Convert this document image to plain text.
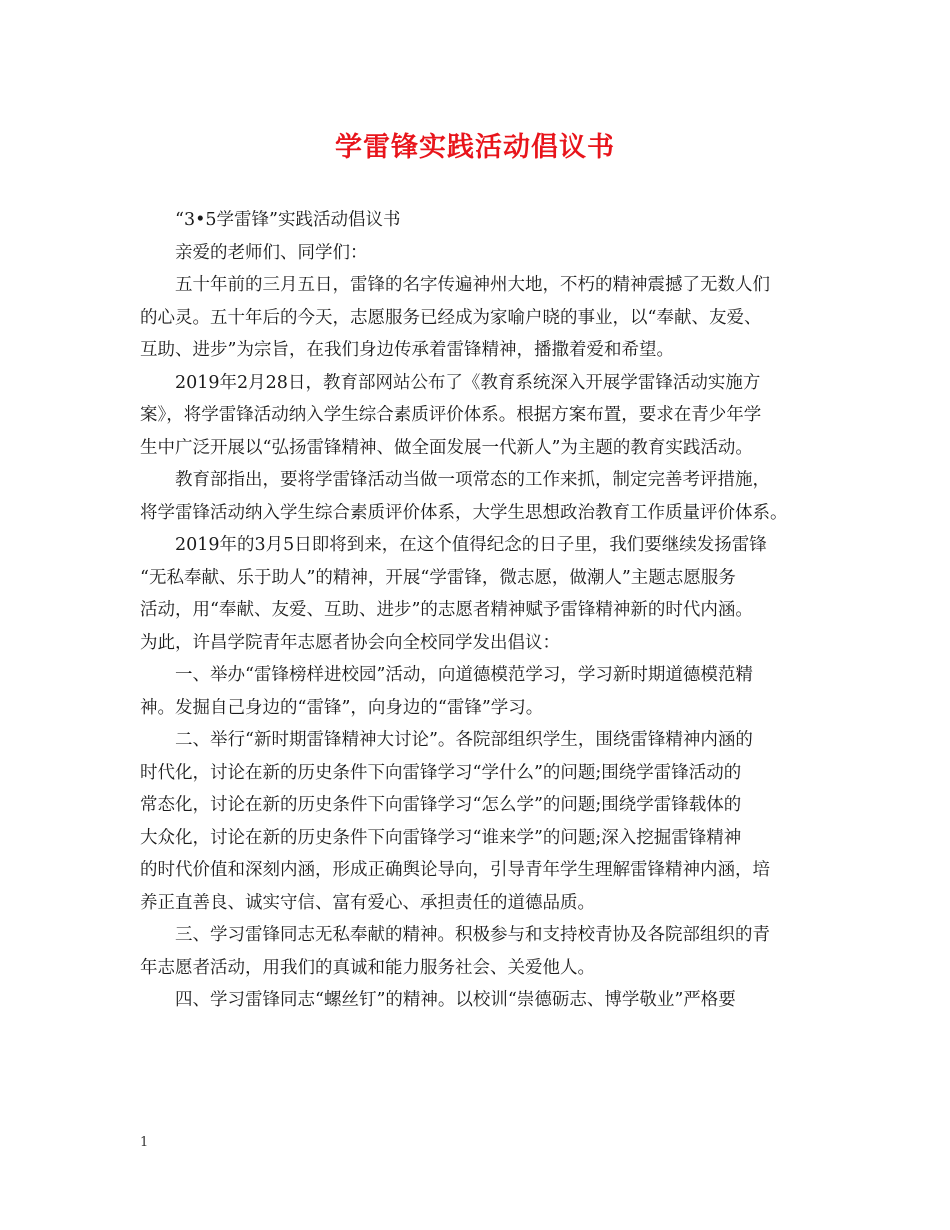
学雷锋实践活动倡议书

“3•5学雷锋”实践活动倡议书

亲爱的老师们、同学们：

五十年前的三月五日，雷锋的名字传遍神州大地，不朽的精神震撼了无数人们
的心灵。五十年后的今天，志愿服务已经成为家喻户晓的事业，以“奉献、友爱、
互助、进步”为宗旨，在我们身边传承着雷锋精神，播撒着爱和希望。

2019年2月28日，教育部网站公布了《教育系统深入开展学雷锋活动实施方
案》，将学雷锋活动纳入学生综合素质评价体系。根据方案布置，要求在青少年学
生中广泛开展以“弘扬雷锋精神、做全面发展一代新人”为主题的教育实践活动。

教育部指出，要将学雷锋活动当做一项常态的工作来抓，制定完善考评措施，
将学雷锋活动纳入学生综合素质评价体系，大学生思想政治教育工作质量评价体系。

2019年的3月5日即将到来，在这个值得纪念的日子里，我们要继续发扬雷锋
“无私奉献、乐于助人”的精神，开展“学雷锋，微志愿，做潮人”主题志愿服务
活动，用“奉献、友爱、互助、进步”的志愿者精神赋予雷锋精神新的时代内涵。
为此，许昌学院青年志愿者协会向全校同学发出倡议：

一、举办“雷锋榜样进校园”活动，向道德模范学习，学习新时期道德模范精
神。发掘自己身边的“雷锋”，向身边的“雷锋”学习。

二、举行“新时期雷锋精神大讨论”。各院部组织学生，围绕雷锋精神内涵的
时代化，讨论在新的历史条件下向雷锋学习“学什么”的问题;围绕学雷锋活动的
常态化，讨论在新的历史条件下向雷锋学习“怎么学”的问题;围绕学雷锋载体的
大众化，讨论在新的历史条件下向雷锋学习“谁来学”的问题;深入挖掘雷锋精神
的时代价值和深刻内涵，形成正确舆论导向，引导青年学生理解雷锋精神内涵，培
养正直善良、诚实守信、富有爱心、承担责任的道德品质。

三、学习雷锋同志无私奉献的精神。积极参与和支持校青协及各院部组织的青
年志愿者活动，用我们的真诚和能力服务社会、关爱他人。

四、学习雷锋同志“螺丝钉”的精神。以校训“崇德砺志、博学敬业”严格要

1
